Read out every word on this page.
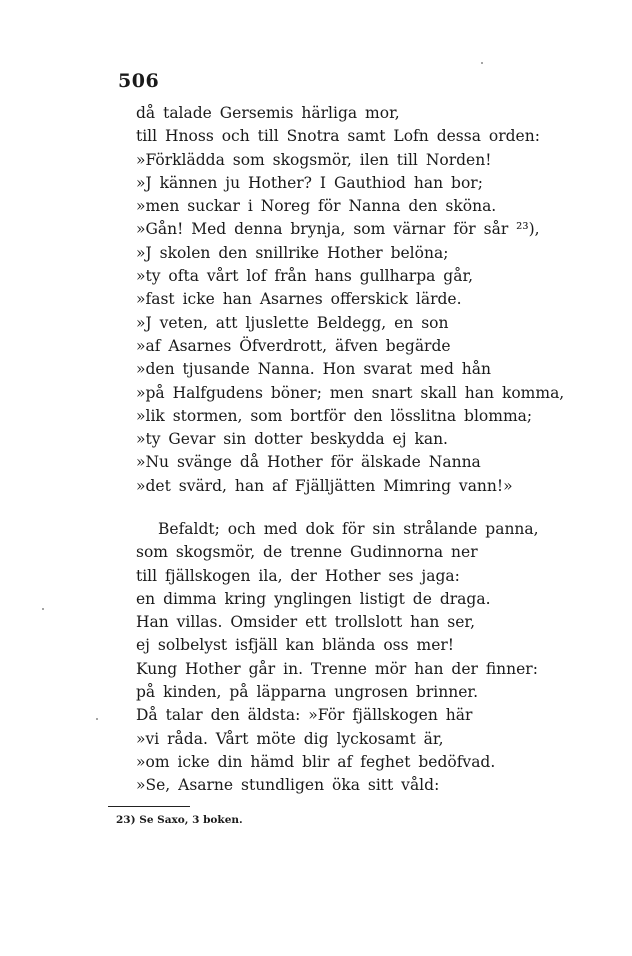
506
då talade Gersemis härliga mor,
till Hnoss och till Snotra samt Lofn dessa orden:
»Förklädda som skogsmör, ilen till Norden!
»J kännen ju Hother? I Gauthiod han bor;
»men suckar i Noreg för Nanna den sköna.
»Gån! Med denna brynja, som värnar för sår ²³),
»J skolen den snillrike Hother belöna;
»ty ofta vårt lof från hans gullharpa går,
»fast icke han Asarnes offerskick lärde.
»J veten, att ljuslette Beldegg, en son
»af Asarnes Öfverdrott, äfven begärde
»den tjusande Nanna. Hon svarat med hån
»på Halfgudens böner; men snart skall han komma,
»lik stormen, som bortför den lösslitna blomma;
»ty Gevar sin dotter beskydda ej kan.
»Nu svänge då Hother för älskade Nanna
»det svärd, han af Fjälljätten Mimring vann!»
Befaldt; och med dok för sin strålande panna,
som skogsmör, de trenne Gudinnorna ner
till fjällskogen ila, der Hother ses jaga:
en dimma kring ynglingen listigt de draga.
Han villas. Omsider ett trollslott han ser,
ej solbelyst isfjäll kan blända oss mer!
Kung Hother går in. Trenne mör han der finner:
på kinden, på läpparna ungrosen brinner.
Då talar den äldsta: »För fjällskogen här
»vi råda. Vårt möte dig lyckosamt är,
»om icke din hämd blir af feghet bedöfvad.
»Se, Asarne stundligen öka sitt våld:
23) Se Saxo, 3 boken.
